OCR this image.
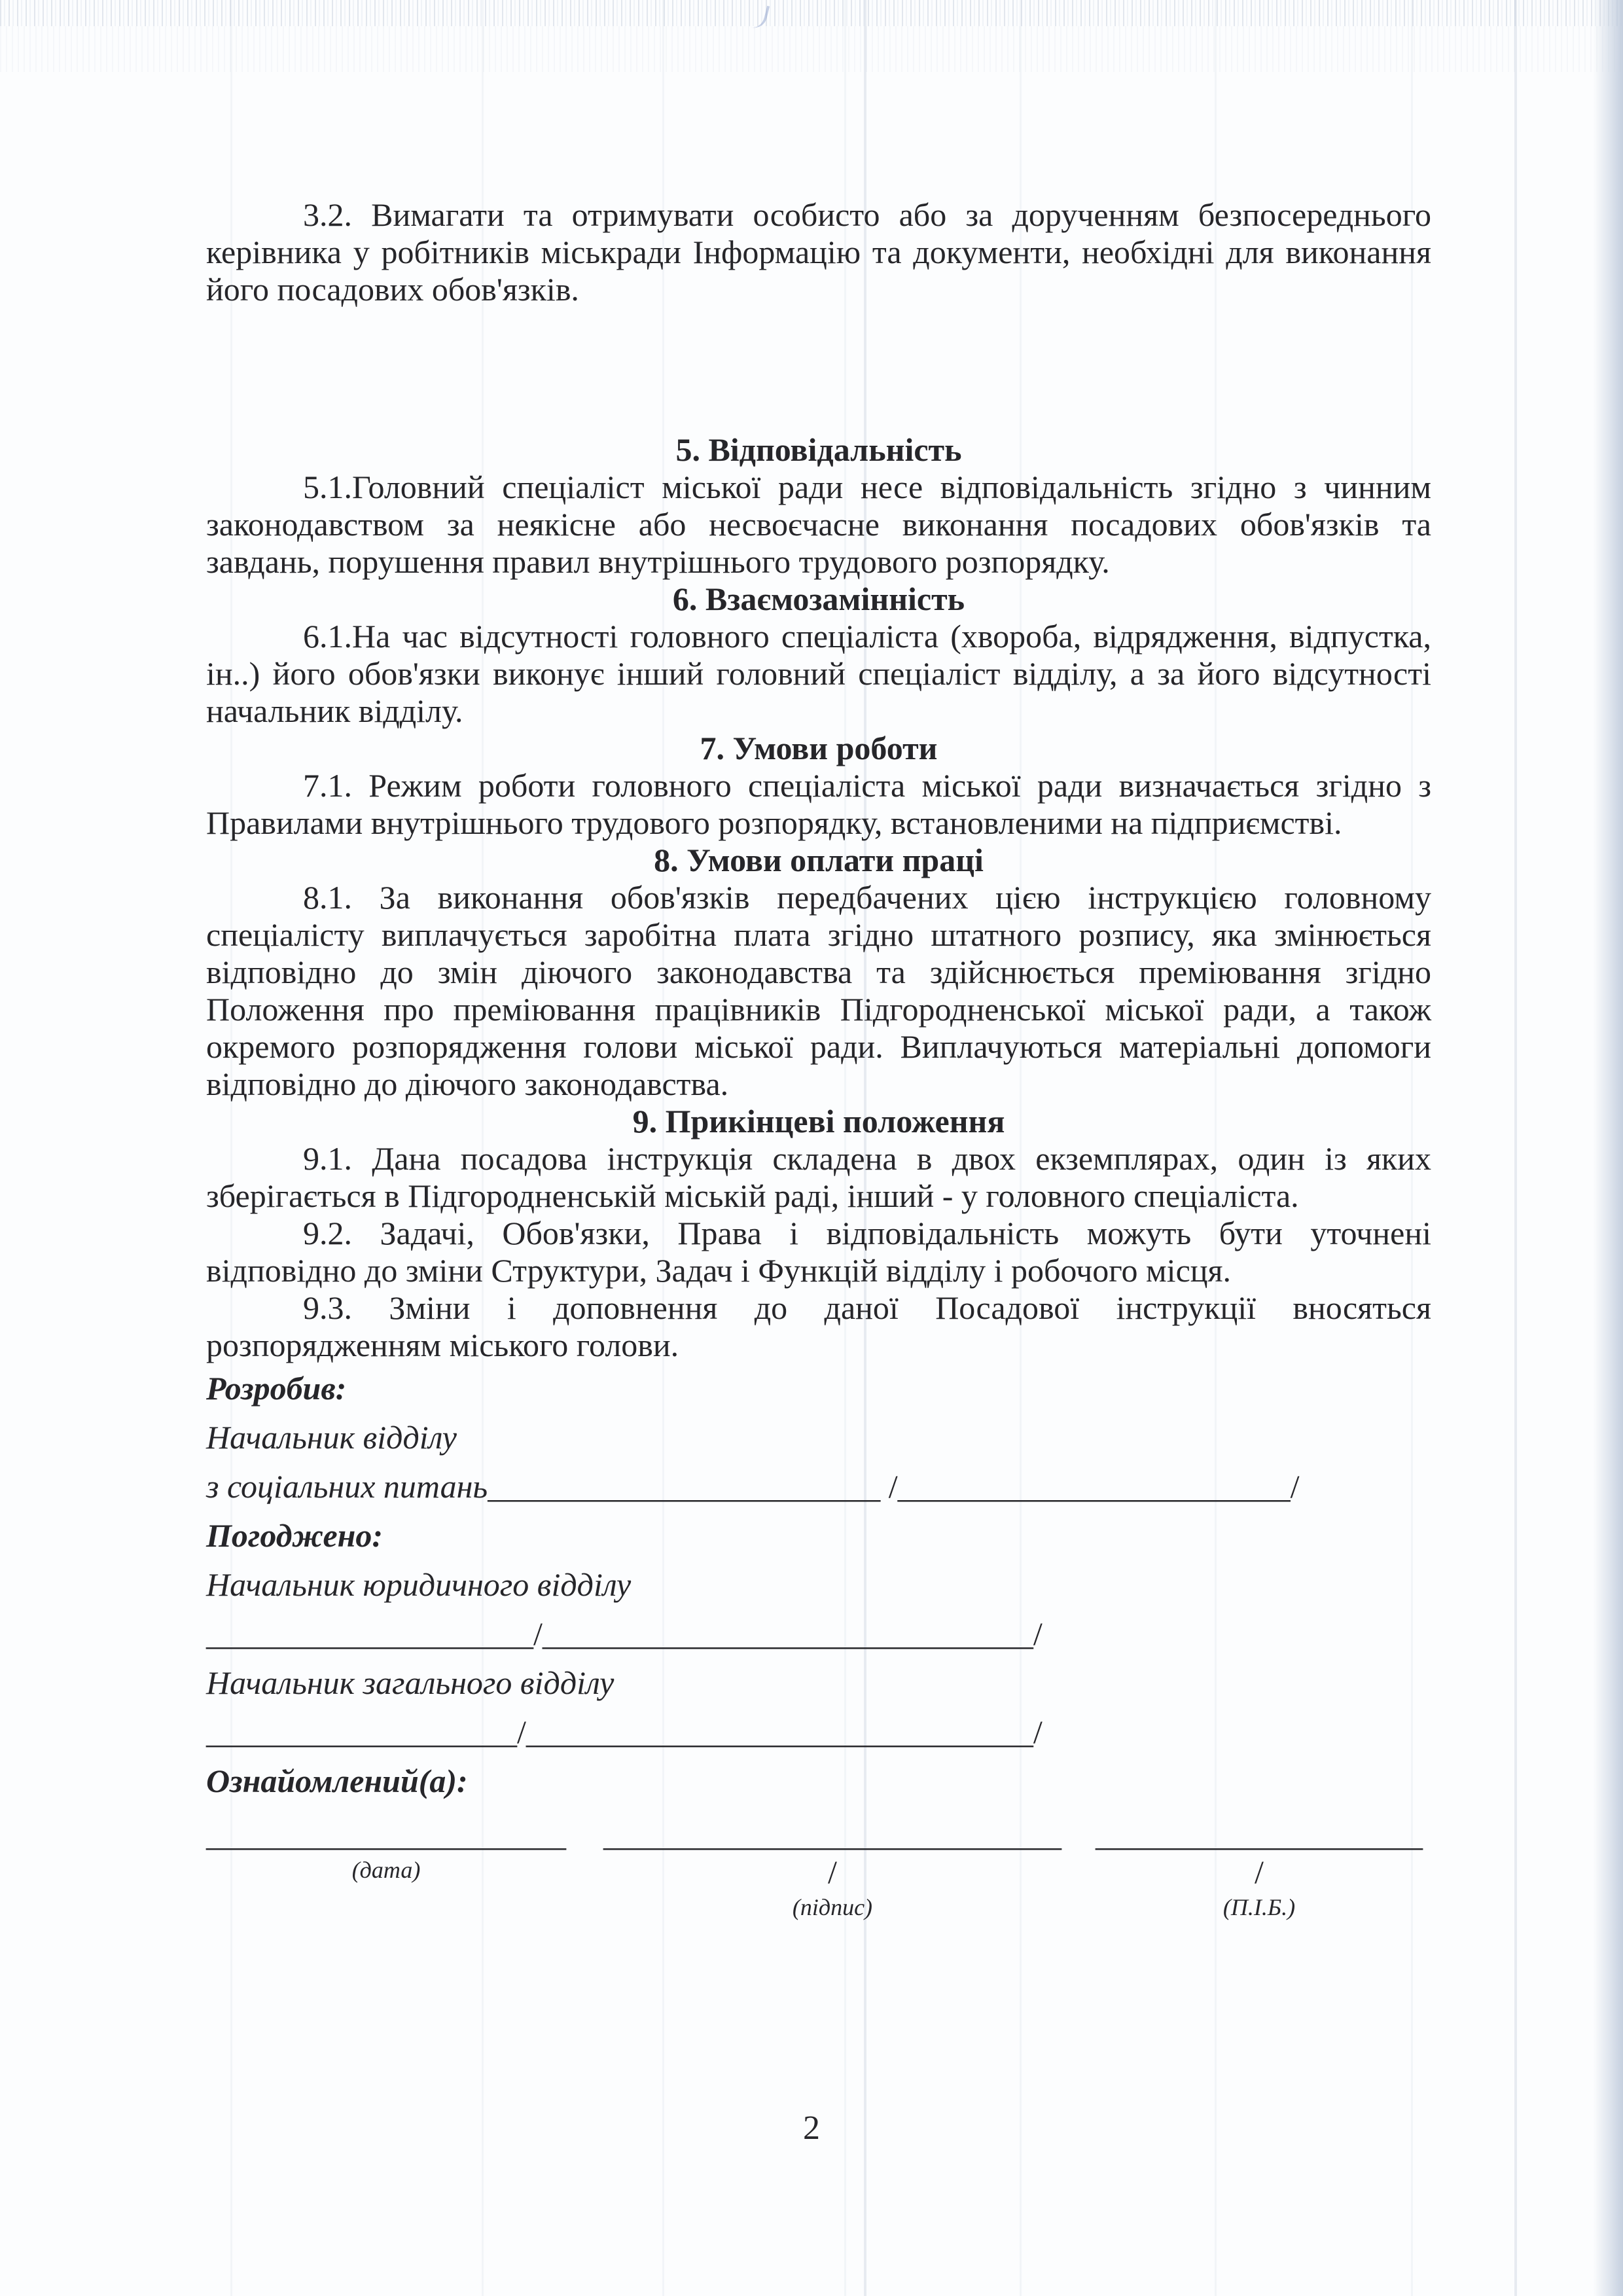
3.2. Вимагати та отримувати особисто або за дорученням безпосереднього керівника у робітників міськради Інформацію та документи, необхідні для виконання його посадових обов'язків.

5. Відповідальність

5.1.Головний спеціаліст міської ради несе відповідальність згідно з чинним законодавством за неякісне або несвоєчасне виконання посадових обов'язків та завдань, порушення правил внутрішнього трудового розпорядку.

6. Взаємозамінність

6.1.На час відсутності головного спеціаліста (хвороба, відрядження, відпустка, ін..) його обов'язки виконує інший головний спеціаліст відділу, а за його відсутності начальник відділу.

7. Умови роботи

7.1. Режим роботи головного спеціаліста міської ради визначається згідно з Правилами внутрішнього трудового розпорядку, встановленими на підприємстві.

8. Умови оплати праці

8.1. За виконання обов'язків передбачених цією інструкцією головному спеціалісту виплачується заробітна плата згідно штатного розпису, яка змінюється відповідно до змін діючого законодавства та здійснюється преміювання згідно Положення про преміювання працівників Підгородненської міської ради, а також окремого розпорядження голови міської ради. Виплачуються матеріальні допомоги відповідно до діючого законодавства.

9. Прикінцеві положення

9.1. Дана посадова інструкція складена в двох екземплярах, один із яких зберігається в Підгородненській міській раді, інший - у головного спеціаліста.

9.2. Задачі, Обов'язки, Права і відповідальність можуть бути уточнені відповідно до зміни Структури, Задач і Функцій відділу і робочого місця.

9.3. Зміни і доповнення до даної Посадової інструкції вносяться розпорядженням міського голови.

Розробив:

Начальник відділу

з соціальних питань________________________ /________________________/

Погоджено:

Начальник юридичного відділу ____________________/______________________________/

Начальник загального відділу ___________________/_______________________________/

Ознайомлений(а):

______________________
(дата)
____________________________ /
(підпис)
____________________ /
(П.І.Б.)
2
